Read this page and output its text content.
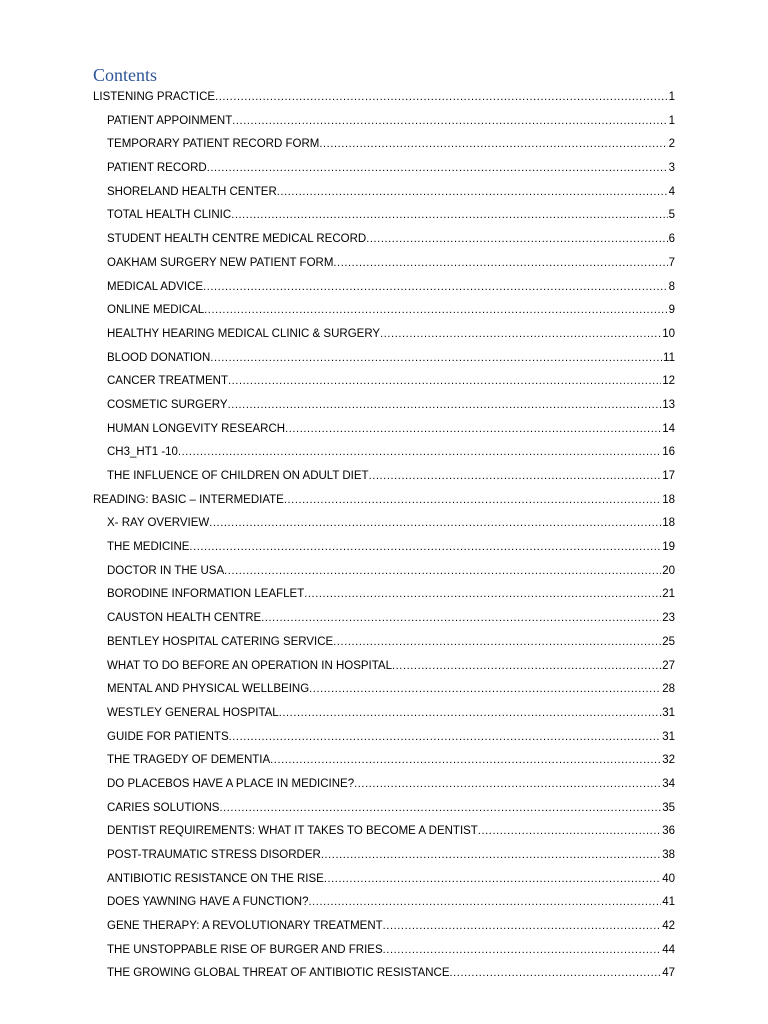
Contents
LISTENING PRACTICE .....	1
PATIENT APPOINMENT .....	1
TEMPORARY PATIENT RECORD FORM .....	2
PATIENT RECORD .....	3
SHORELAND HEALTH CENTER .....	4
TOTAL HEALTH CLINIC .....	5
STUDENT HEALTH CENTRE MEDICAL RECORD .....	6
OAKHAM SURGERY NEW PATIENT FORM .....	7
MEDICAL ADVICE .....	8
ONLINE MEDICAL .....	9
HEALTHY HEARING MEDICAL CLINIC & SURGERY .....	10
BLOOD DONATION .....	11
CANCER TREATMENT .....	12
COSMETIC SURGERY .....	13
HUMAN LONGEVITY RESEARCH .....	14
CH3_HT1 -10 .....	16
THE INFLUENCE OF CHILDREN ON ADULT DIET .....	17
READING: BASIC – INTERMEDIATE .....	18
X- RAY OVERVIEW .....	18
THE MEDICINE .....	19
DOCTOR IN THE USA .....	20
BORODINE INFORMATION LEAFLET .....	21
CAUSTON HEALTH CENTRE .....	23
BENTLEY HOSPITAL CATERING SERVICE .....	25
WHAT TO DO BEFORE AN OPERATION IN HOSPITAL .....	27
MENTAL AND PHYSICAL WELLBEING .....	28
WESTLEY GENERAL HOSPITAL .....	31
GUIDE FOR PATIENTS .....	31
THE TRAGEDY OF DEMENTIA .....	32
DO PLACEBOS HAVE A PLACE IN MEDICINE? .....	34
CARIES SOLUTIONS .....	35
DENTIST REQUIREMENTS: WHAT IT TAKES TO BECOME A DENTIST .....	36
POST-TRAUMATIC STRESS DISORDER .....	38
ANTIBIOTIC RESISTANCE ON THE RISE .....	40
DOES YAWNING HAVE A FUNCTION? .....	41
GENE THERAPY: A REVOLUTIONARY TREATMENT .....	42
THE UNSTOPPABLE RISE OF BURGER AND FRIES .....	44
THE GROWING GLOBAL THREAT OF ANTIBIOTIC RESISTANCE .....	47
